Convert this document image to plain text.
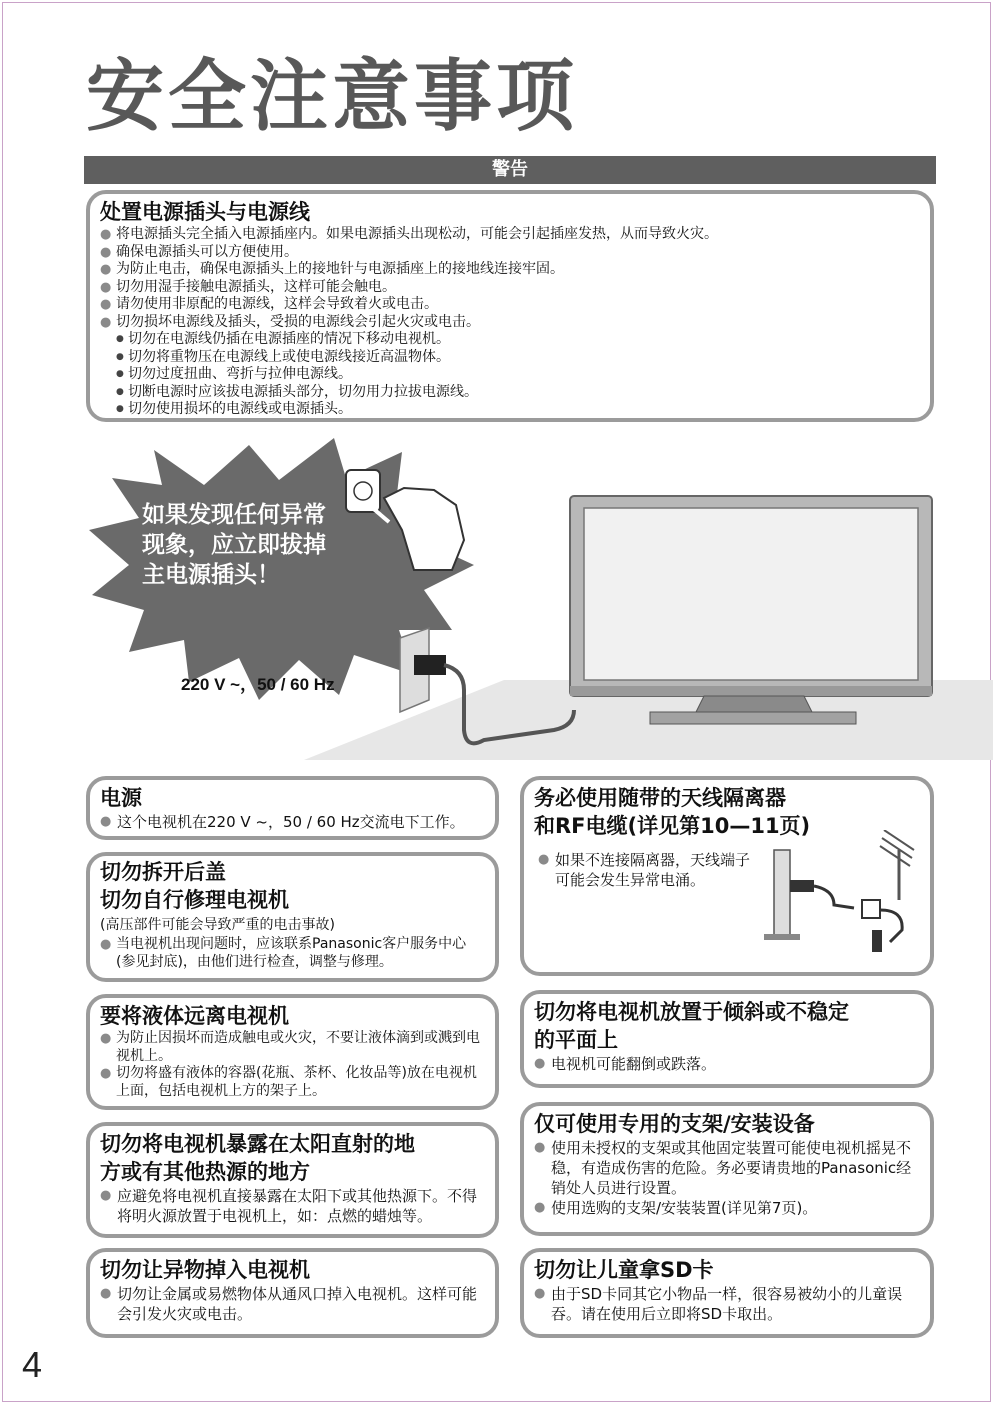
安全注意事项
警告
处置电源插头与电源线
● 将电源插头完全插入电源插座内。如果电源插头出现松动，可能会引起插座发热，从而导致火灾。
● 确保电源插头可以方便使用。
● 为防止电击，确保电源插头上的接地针与电源插座上的接地线连接牢固。
● 切勿用湿手接触电源插头，这样可能会触电。
● 请勿使用非原配的电源线，这样会导致着火或电击。
● 切勿损坏电源线及插头，受损的电源线会引起火灾或电击。
● 切勿在电源线仍插在电源插座的情况下移动电视机。
● 切勿将重物压在电源线上或使电源线接近高温物体。
● 切勿过度扭曲、弯折与拉伸电源线。
● 切断电源时应该拔电源插头部分，切勿用力拉拔电源线。
● 切勿使用损坏的电源线或电源插头。
如果发现任何异常
现象，应立即拔掉
主电源插头！
220 V ~，50 / 60 Hz
电源
● 这个电视机在220 V ~，50 / 60 Hz交流电下工作。
切勿拆开后盖
切勿自行修理电视机
(高压部件可能会导致严重的电击事故)
● 当电视机出现问题时，应该联系Panasonic客户服务中心(参见封底)，由他们进行检查，调整与修理。
要将液体远离电视机
● 为防止因损坏而造成触电或火灾，不要让液体滴到或溅到电视机上。
● 切勿将盛有液体的容器(花瓶、茶杯、化妆品等)放在电视机上面，包括电视机上方的架子上。
切勿将电视机暴露在太阳直射的地
方或有其他热源的地方
● 应避免将电视机直接暴露在太阳下或其他热源下。不得将明火源放置于电视机上，如：点燃的蜡烛等。
切勿让异物掉入电视机
● 切勿让金属或易燃物体从通风口掉入电视机。这样可能会引发火灾或电击。
务必使用随带的天线隔离器
和RF电缆(详见第10—11页)
● 如果不连接隔离器，天线端子可能会发生异常电涌。
切勿将电视机放置于倾斜或不稳定
的平面上
● 电视机可能翻倒或跌落。
仅可使用专用的支架/安装设备
● 使用未授权的支架或其他固定装置可能使电视机摇晃不稳，有造成伤害的危险。务必要请贵地的Panasonic经销处人员进行设置。
● 使用选购的支架/安装装置(详见第7页)。
切勿让儿童拿SD卡
● 由于SD卡同其它小物品一样，很容易被幼小的儿童误吞。请在使用后立即将SD卡取出。
4
